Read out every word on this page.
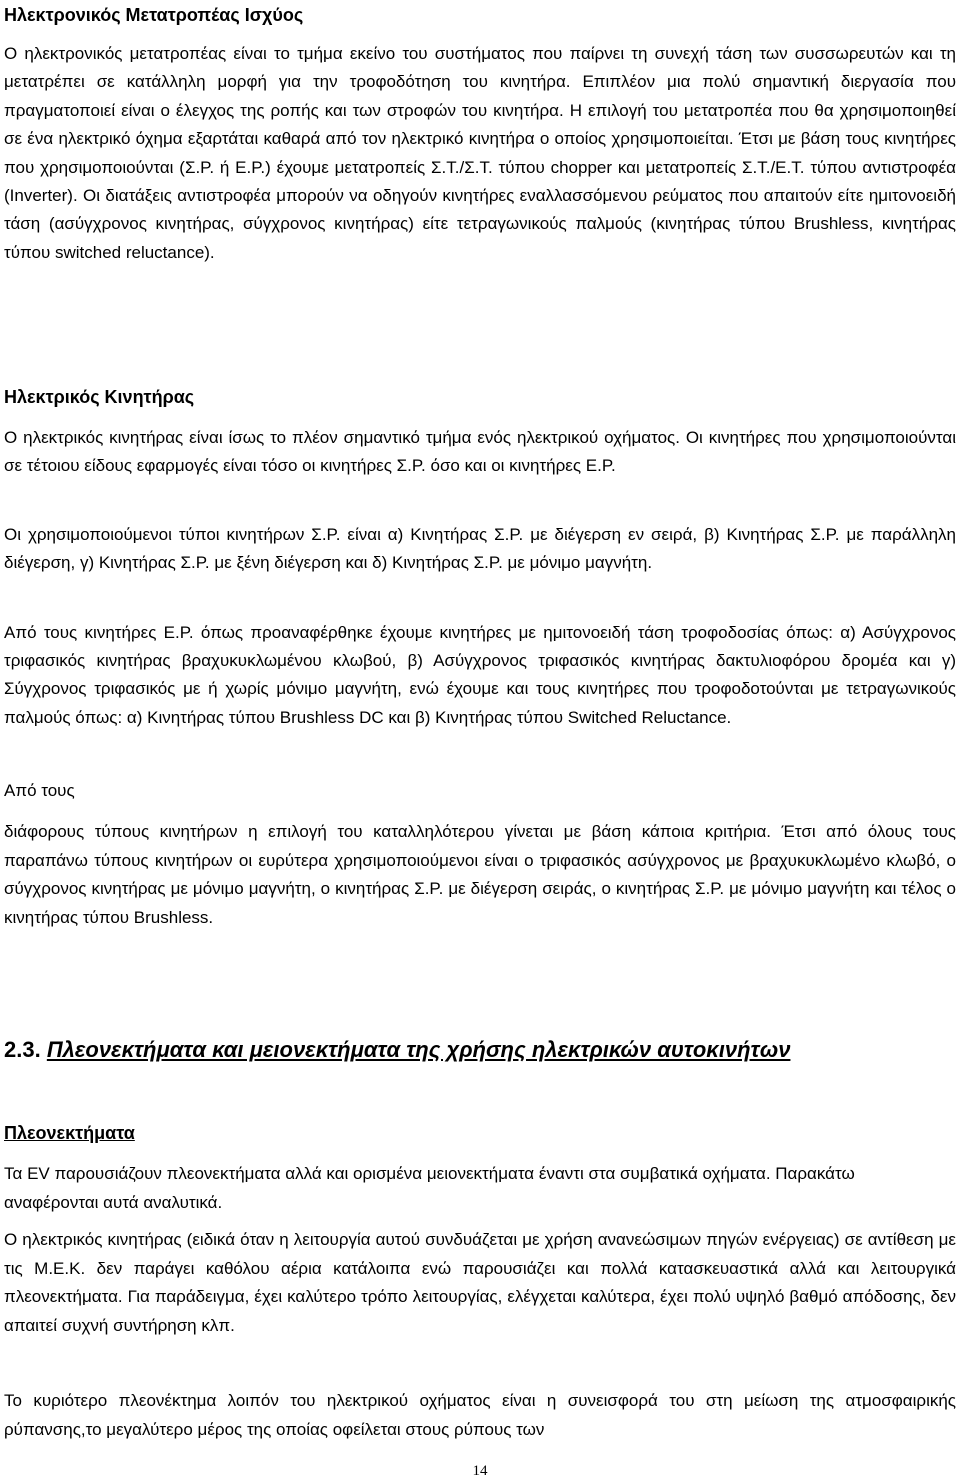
Ηλεκτρονικός Μετατροπέας Ισχύος

Ο ηλεκτρονικός μετατροπέας είναι το τμήμα εκείνο του συστήματος που παίρνει τη συνεχή τάση των συσσωρευτών και τη μετατρέπει σε κατάλληλη μορφή για την τροφοδότηση του κινητήρα. Επιπλέον μια πολύ σημαντική διεργασία που πραγματοποιεί είναι ο έλεγχος της ροπής και των στροφών του κινητήρα. Η επιλογή του μετατροπέα που θα χρησιμοποιηθεί σε ένα ηλεκτρικό όχημα εξαρτάται καθαρά από τον ηλεκτρικό κινητήρα ο οποίος χρησιμοποιείται. Έτσι με βάση τους κινητήρες που χρησιμοποιούνται (Σ.Ρ. ή Ε.Ρ.) έχουμε μετατροπείς Σ.Τ./Σ.Τ. τύπου chopper και μετατροπείς Σ.Τ./Ε.Τ. τύπου αντιστροφέα (Inverter). Οι διατάξεις αντιστροφέα μπορούν να οδηγούν κινητήρες εναλλασσόμενου ρεύματος που απαιτούν είτε ημιτονοειδή τάση (ασύγχρονος κινητήρας, σύγχρονος κινητήρας) είτε τετραγωνικούς παλμούς (κινητήρας τύπου Brushless, κινητήρας τύπου switched reluctance).

Ηλεκτρικός Κινητήρας

Ο ηλεκτρικός κινητήρας είναι ίσως το πλέον σημαντικό τμήμα ενός ηλεκτρικού οχήματος. Οι κινητήρες που χρησιμοποιούνται σε τέτοιου είδους εφαρμογές είναι τόσο οι κινητήρες Σ.Ρ. όσο και οι κινητήρες Ε.Ρ.

Οι χρησιμοποιούμενοι τύποι κινητήρων Σ.Ρ. είναι α) Κινητήρας Σ.Ρ. με διέγερση εν σειρά, β) Κινητήρας Σ.Ρ. με παράλληλη διέγερση, γ) Κινητήρας Σ.Ρ. με ξένη διέγερση και δ) Κινητήρας Σ.Ρ. με μόνιμο μαγνήτη.

Από τους κινητήρες Ε.Ρ. όπως προαναφέρθηκε έχουμε κινητήρες με ημιτονοειδή τάση τροφοδοσίας όπως: α) Ασύγχρονος τριφασικός κινητήρας βραχυκυκλωμένου κλωβού, β) Ασύγχρονος τριφασικός κινητήρας δακτυλιοφόρου δρομέα και γ) Σύγχρονος τριφασικός με ή χωρίς μόνιμο μαγνήτη, ενώ έχουμε και τους κινητήρες που τροφοδοτούνται με τετραγωνικούς παλμούς όπως: α) Κινητήρας τύπου Brushless DC και β) Κινητήρας τύπου Switched Reluctance.

Από τους

διάφορους τύπους κινητήρων η επιλογή του καταλληλότερου γίνεται με βάση κάποια κριτήρια. Έτσι από όλους τους παραπάνω τύπους κινητήρων οι ευρύτερα χρησιμοποιούμενοι είναι ο τριφασικός ασύγχρονος με βραχυκυκλωμένο κλωβό, ο σύγχρονος κινητήρας με μόνιμο μαγνήτη, ο κινητήρας Σ.Ρ. με διέγερση σειράς, ο κινητήρας Σ.Ρ. με μόνιμο μαγνήτη και τέλος ο κινητήρας τύπου Brushless.

2.3. Πλεονεκτήματα και μειονεκτήματα της χρήσης ηλεκτρικών αυτοκινήτων
Πλεονεκτήματα

Τα EV παρουσιάζουν πλεονεκτήματα αλλά και ορισμένα μειονεκτήματα έναντι στα συμβατικά οχήματα. Παρακάτω αναφέρονται αυτά αναλυτικά.

Ο ηλεκτρικός κινητήρας (ειδικά όταν η λειτουργία αυτού συνδυάζεται με χρήση ανανεώσιμων πηγών ενέργειας) σε αντίθεση με τις Μ.Ε.Κ. δεν παράγει καθόλου αέρια κατάλοιπα ενώ παρουσιάζει και πολλά κατασκευαστικά αλλά και λειτουργικά πλεονεκτήματα. Για παράδειγμα, έχει καλύτερο τρόπο λειτουργίας, ελέγχεται καλύτερα, έχει πολύ υψηλό βαθμό απόδοσης, δεν απαιτεί συχνή συντήρηση κλπ.

Το κυριότερο πλεονέκτημα λοιπόν του ηλεκτρικού οχήματος είναι η συνεισφορά του στη μείωση της ατμοσφαιρικής ρύπανσης,το μεγαλύτερο μέρος της οποίας οφείλεται στους ρύπους των

14
